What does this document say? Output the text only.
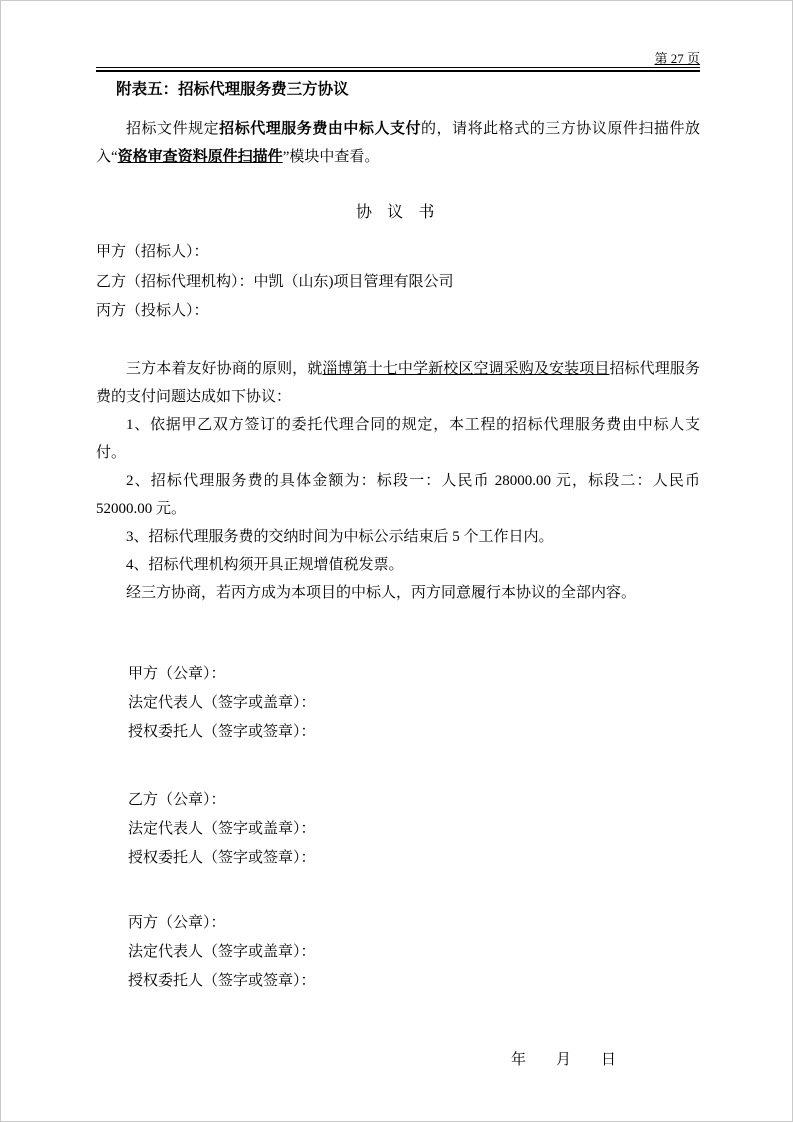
第 27 页
附表五：招标代理服务费三方协议

招标文件规定招标代理服务费由中标人支付的，请将此格式的三方协议原件扫描件放入“资格审查资料原件扫描件”模块中查看。

协 议 书

甲方（招标人）：

乙方（招标代理机构）：中凯（山东)项目管理有限公司

丙方（投标人）：

三方本着友好协商的原则，就淄博第十七中学新校区空调采购及安装项目招标代理服务费的支付问题达成如下协议：

1、依据甲乙双方签订的委托代理合同的规定，本工程的招标代理服务费由中标人支付。

2、招标代理服务费的具体金额为：标段一：人民币 28000.00 元，标段二：人民币 52000.00 元。

3、招标代理服务费的交纳时间为中标公示结束后 5 个工作日内。

4、招标代理机构须开具正规增值税发票。

经三方协商，若丙方成为本项目的中标人，丙方同意履行本协议的全部内容。

甲方（公章）：

法定代表人（签字或盖章）：

授权委托人（签字或签章）：

乙方（公章）：

法定代表人（签字或盖章）：

授权委托人（签字或签章）：

丙方（公章）：

法定代表人（签字或盖章）：

授权委托人（签字或签章）：

年　　月　　日
